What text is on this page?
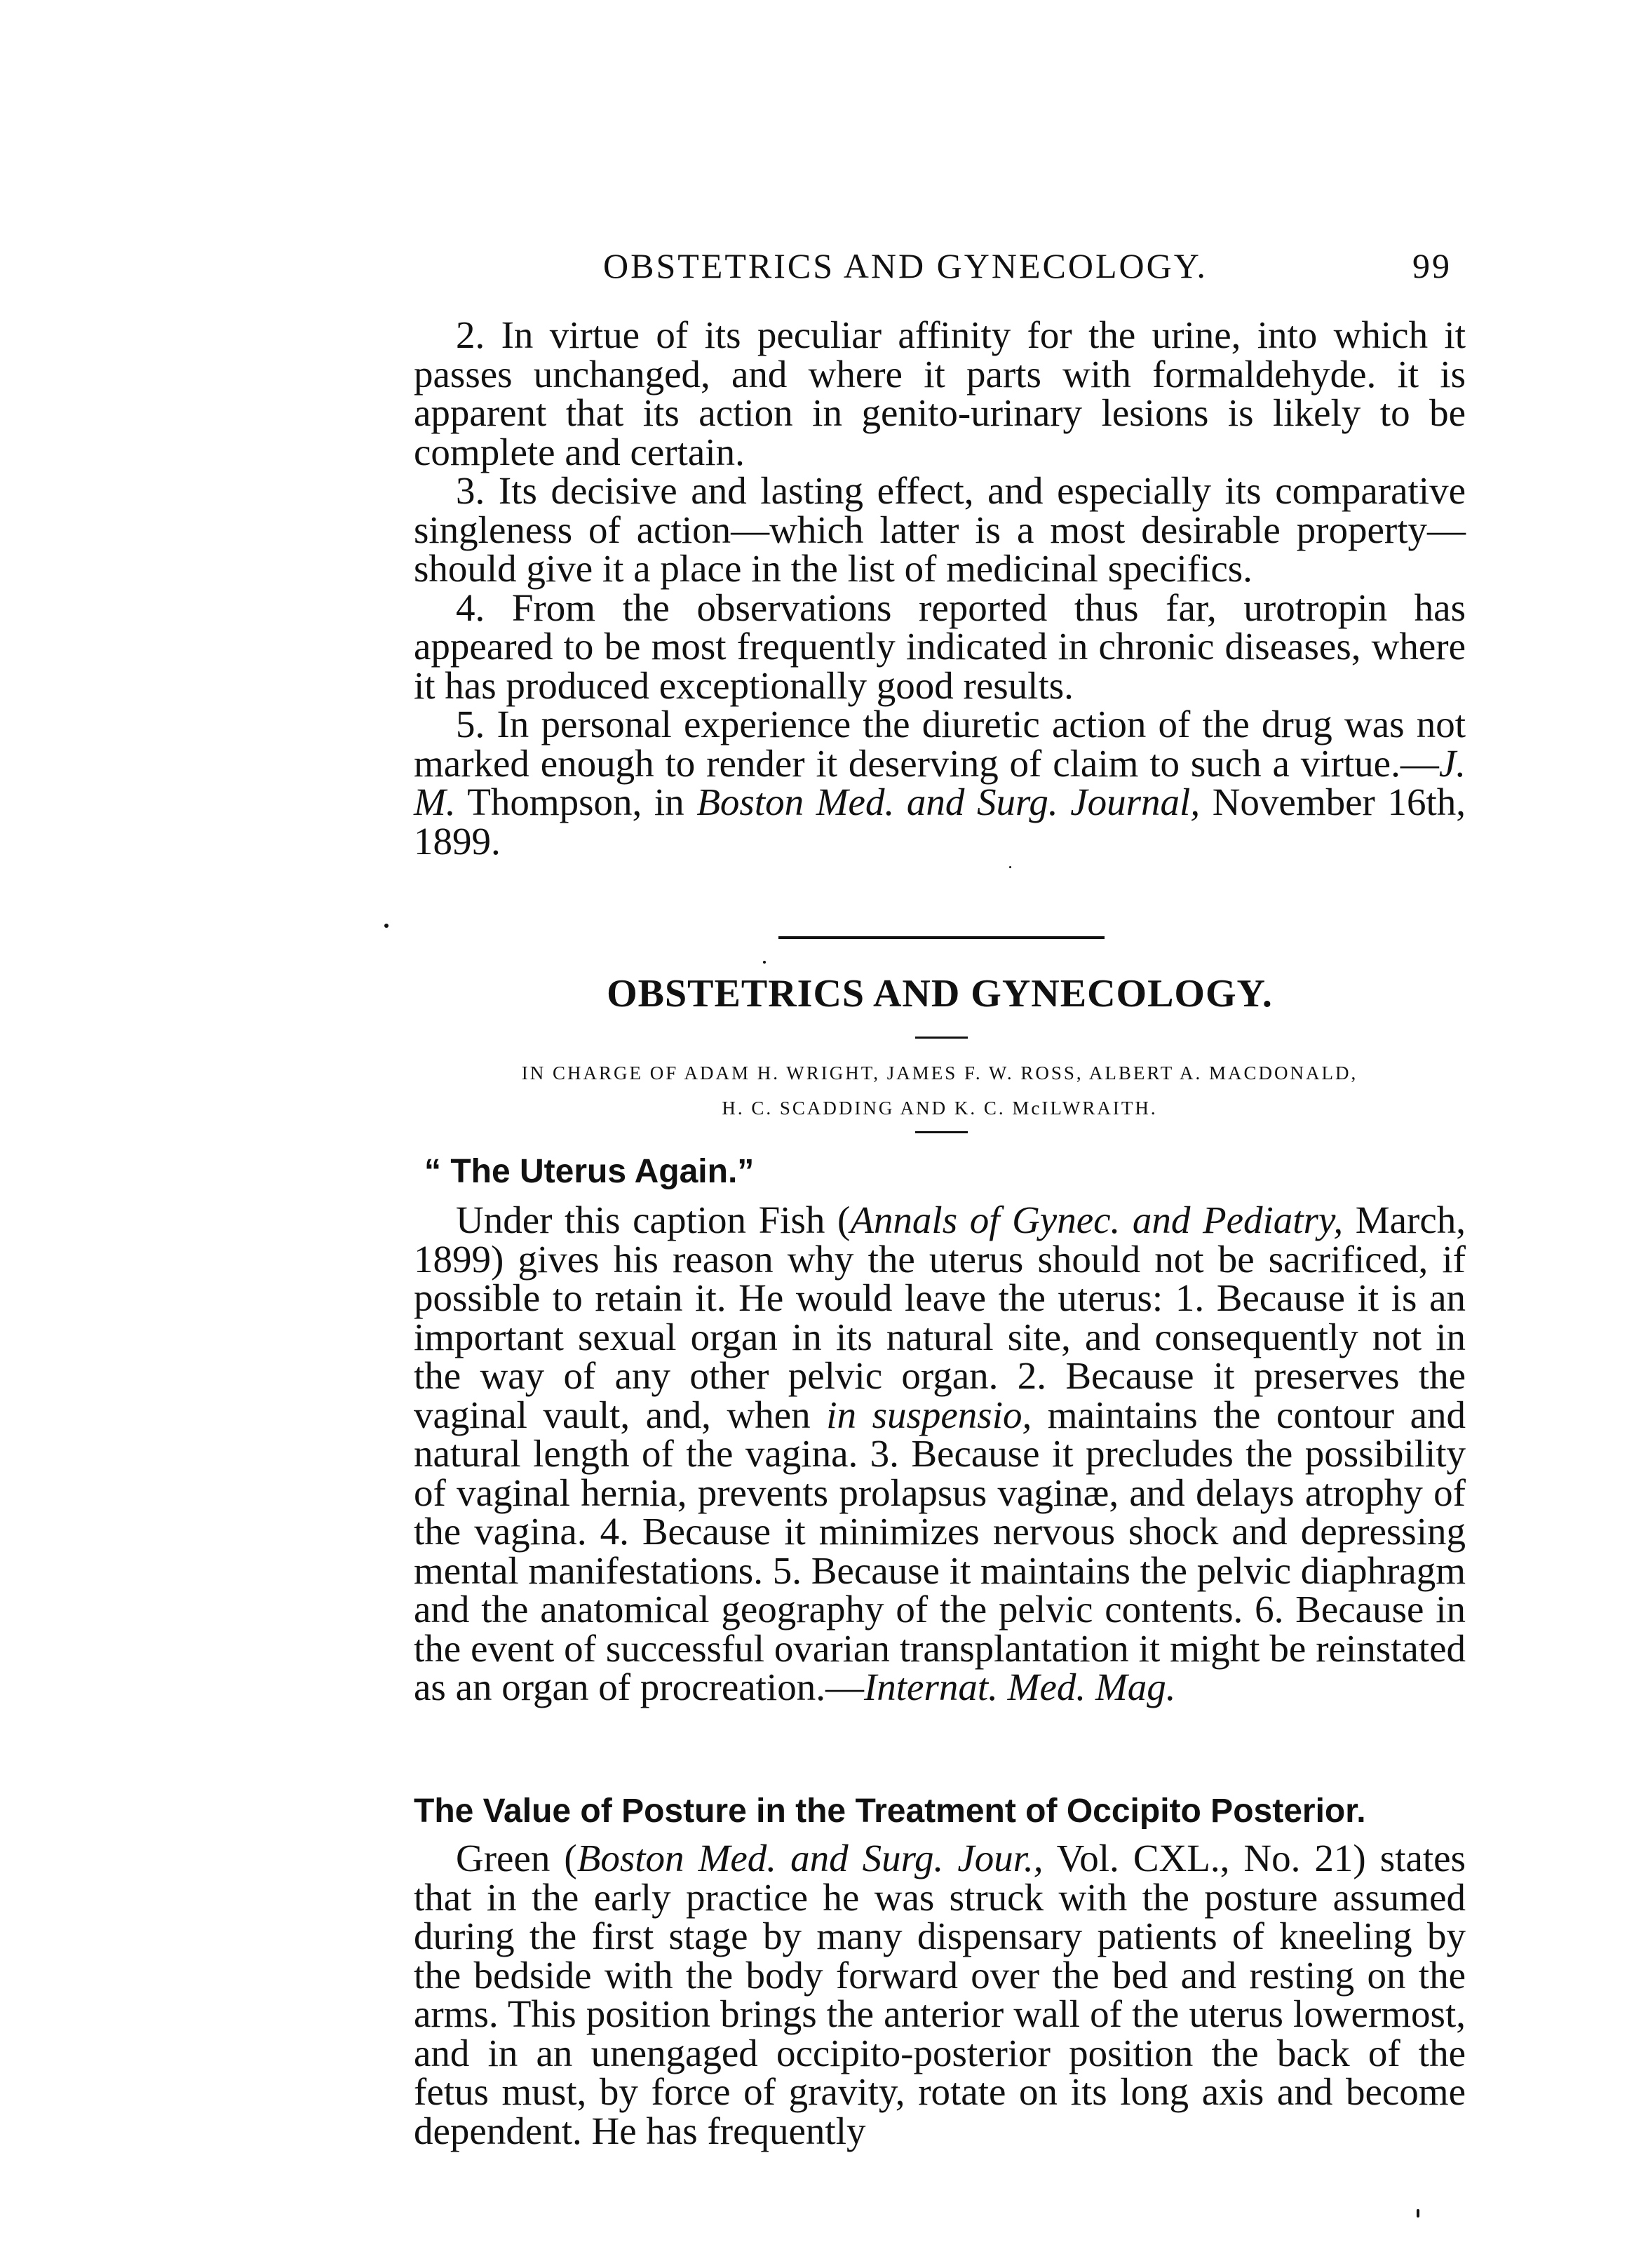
OBSTETRICS AND GYNECOLOGY.	99

2. In virtue of its peculiar affinity for the urine, into which it passes unchanged, and where it parts with formaldehyde. it is apparent that its action in genito-urinary lesions is likely to be complete and certain.

3. Its decisive and lasting effect, and especially its comparative singleness of action—which latter is a most desirable property—should give it a place in the list of medicinal specifics.

4. From the observations reported thus far, urotropin has appeared to be most frequently indicated in chronic diseases, where it has produced exceptionally good results.

5. In personal experience the diuretic action of the drug was not marked enough to render it deserving of claim to such a virtue.—J. M. Thompson, in Boston Med. and Surg. Journal, November 16th, 1899.

OBSTETRICS AND GYNECOLOGY.
IN CHARGE OF ADAM H. WRIGHT, JAMES F. W. ROSS, ALBERT A. MACDONALD,
H. C. SCADDING AND K. C. McILWRAITH.
“ The Uterus Again.”

Under this caption Fish (Annals of Gynec. and Pediatry, March, 1899) gives his reason why the uterus should not be sacrificed, if possible to retain it. He would leave the uterus: 1. Because it is an important sexual organ in its natural site, and consequently not in the way of any other pelvic organ. 2. Because it preserves the vaginal vault, and, when in suspensio, maintains the contour and natural length of the vagina. 3. Because it precludes the possibility of vaginal hernia, prevents prolapsus vaginæ, and delays atrophy of the vagina. 4. Because it minimizes nervous shock and depressing mental manifestations. 5. Because it maintains the pelvic diaphragm and the anatomical geography of the pelvic contents. 6. Because in the event of successful ovarian transplantation it might be reinstated as an organ of procreation.—Internat. Med. Mag.

The Value of Posture in the Treatment of Occipito Posterior.

Green (Boston Med. and Surg. Jour., Vol. CXL., No. 21) states that in the early practice he was struck with the posture assumed during the first stage by many dispensary patients of kneeling by the bedside with the body forward over the bed and resting on the arms. This position brings the anterior wall of the uterus lowermost, and in an unengaged occipito-posterior position the back of the fetus must, by force of gravity, rotate on its long axis and become dependent. He has frequently
